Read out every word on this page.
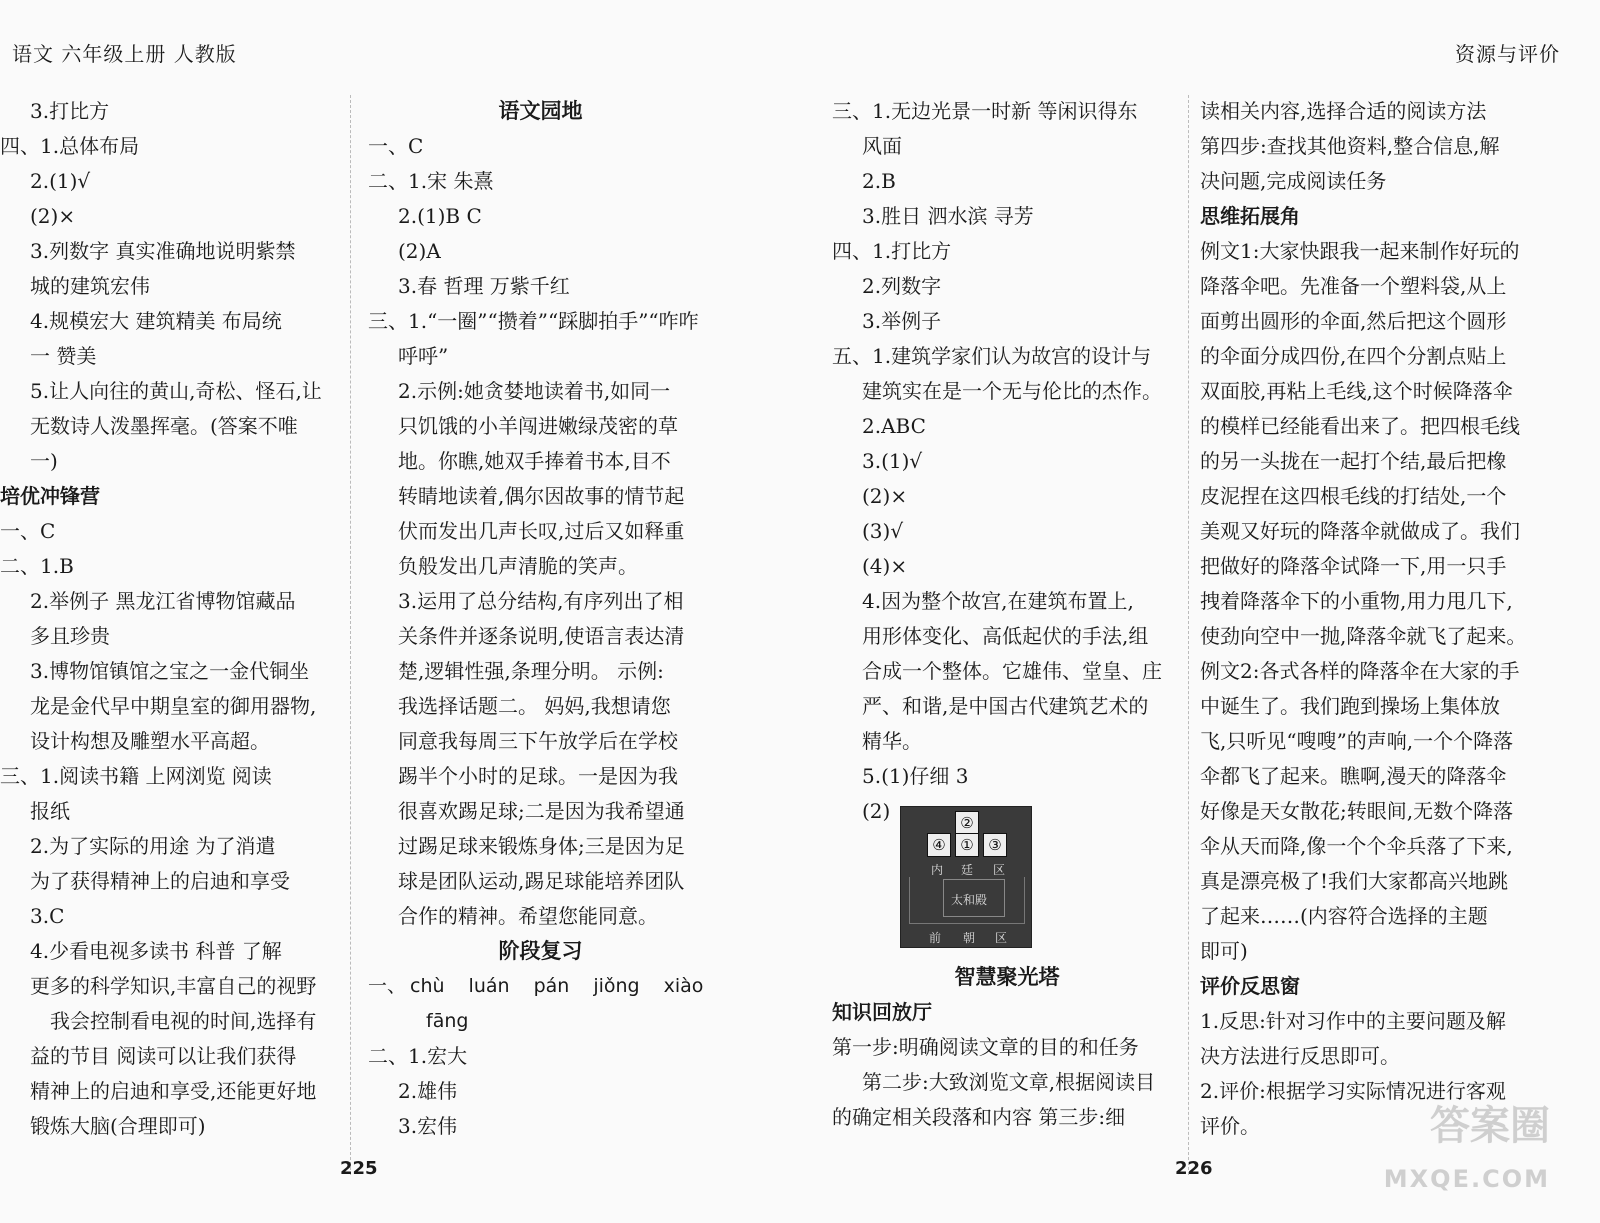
语文 六年级上册 人教版	资源与评价
3.打比方
四、1.总体布局
2.(1)√
(2)×
3.列数字 真实准确地说明紫禁
城的建筑宏伟
4.规模宏大 建筑精美 布局统
一 赞美
5.让人向往的黄山,奇松、怪石,让
无数诗人泼墨挥毫。(答案不唯
一)
培优冲锋营
一、C
二、1.B
2.举例子 黑龙江省博物馆藏品
多且珍贵
3.博物馆镇馆之宝之一金代铜坐
龙是金代早中期皇室的御用器物,
设计构想及雕塑水平高超。
三、1.阅读书籍 上网浏览 阅读
报纸
2.为了实际的用途 为了消遣
为了获得精神上的启迪和享受
3.C
4.少看电视多读书 科普 了解
更多的科学知识,丰富自己的视野
我会控制看电视的时间,选择有
益的节目 阅读可以让我们获得
精神上的启迪和享受,还能更好地
锻炼大脑(合理即可)
语文园地
一、C
二、1.宋 朱熹
2.(1)B C
(2)A
3.春 哲理 万紫千红
三、1.“一圈”“攒着”“踩脚拍手”“咋咋
呼呼”
2.示例:她贪婪地读着书,如同一
只饥饿的小羊闯进嫩绿茂密的草
地。你瞧,她双手捧着书本,目不
转睛地读着,偶尔因故事的情节起
伏而发出几声长叹,过后又如释重
负般发出几声清脆的笑声。
3.运用了总分结构,有序列出了相
关条件并逐条说明,使语言表达清
楚,逻辑性强,条理分明。 示例:
我选择话题二。 妈妈,我想请您
同意我每周三下午放学后在学校
踢半个小时的足球。一是因为我
很喜欢踢足球;二是因为我希望通
过踢足球来锻炼身体;三是因为足
球是团队运动,踢足球能培养团队
合作的精神。希望您能同意。
阶段复习
一、 chù luán pán jiǒng xiào
fāng
二、1.宏大
2.雄伟
3.宏伟
三、1.无边光景一时新 等闲识得东
风面
2.B
3.胜日 泗水滨 寻芳
四、1.打比方
2.列数字
3.举例子
五、1.建筑学家们认为故宫的设计与
建筑实在是一个无与伦比的杰作。
2.ABC
3.(1)√
(2)×
(3)√
(4)×
4.因为整个故宫,在建筑布置上,
用形体变化、高低起伏的手法,组
合成一个整体。它雄伟、堂皇、庄
严、和谐,是中国古代建筑艺术的
精华。
5.(1)仔细 3
(2)	②
④ ① ③
内 廷 区
太和殿
前 朝 区
智慧聚光塔
知识回放厅
第一步:明确阅读文章的目的和任务
第二步:大致浏览文章,根据阅读目
的确定相关段落和内容 第三步:细
读相关内容,选择合适的阅读方法
第四步:查找其他资料,整合信息,解
决问题,完成阅读任务
思维拓展角
例文1:大家快跟我一起来制作好玩的
降落伞吧。先准备一个塑料袋,从上
面剪出圆形的伞面,然后把这个圆形
的伞面分成四份,在四个分割点贴上
双面胶,再粘上毛线,这个时候降落伞
的模样已经能看出来了。把四根毛线
的另一头拢在一起打个结,最后把橡
皮泥捏在这四根毛线的打结处,一个
美观又好玩的降落伞就做成了。我们
把做好的降落伞试降一下,用一只手
拽着降落伞下的小重物,用力甩几下,
使劲向空中一抛,降落伞就飞了起来。
例文2:各式各样的降落伞在大家的手
中诞生了。我们跑到操场上集体放
飞,只听见“嗖嗖”的声响,一个个降落
伞都飞了起来。瞧啊,漫天的降落伞
好像是天女散花;转眼间,无数个降落
伞从天而降,像一个个伞兵落了下来,
真是漂亮极了!我们大家都高兴地跳
了起来……(内容符合选择的主题
即可)
评价反思窗
1.反思:针对习作中的主要问题及解
决方法进行反思即可。
2.评价:根据学习实际情况进行客观
评价。
225	226
答案圈
MXQE.COM
